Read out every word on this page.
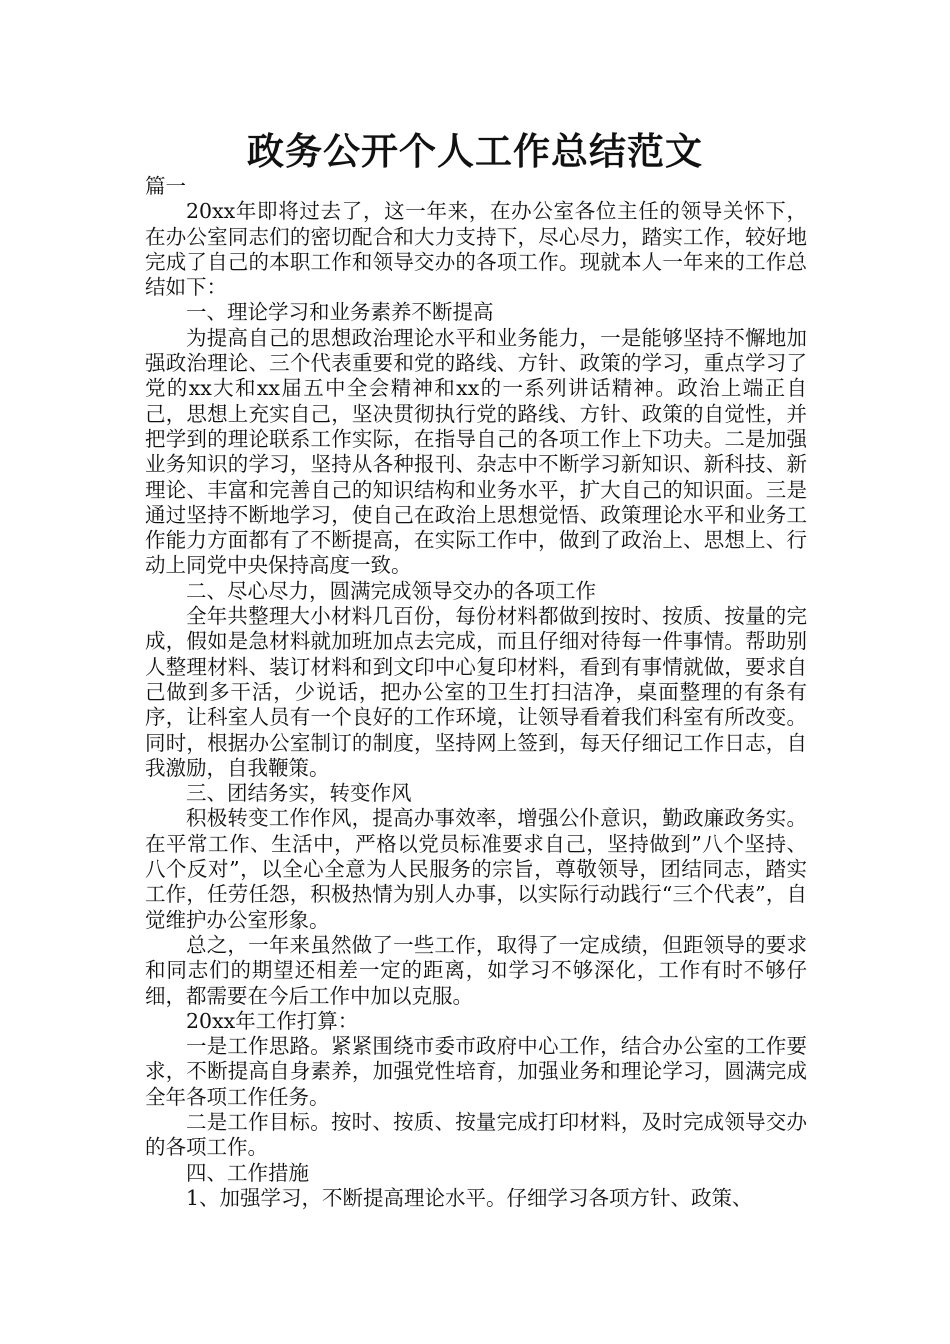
政务公开个人工作总结范文

篇一

20xx年即将过去了，这一年来，在办公室各位主任的领导关怀下，在办公室同志们的密切配合和大力支持下，尽心尽力，踏实工作，较好地完成了自己的本职工作和领导交办的各项工作。现就本人一年来的工作总结如下：

一、理论学习和业务素养不断提高

为提高自己的思想政治理论水平和业务能力，一是能够坚持不懈地加强政治理论、三个代表重要和党的路线、方针、政策的学习，重点学习了党的xx大和xx届五中全会精神和xx的一系列讲话精神。政治上端正自己，思想上充实自己，坚决贯彻执行党的路线、方针、政策的自觉性，并把学到的理论联系工作实际，在指导自己的各项工作上下功夫。二是加强业务知识的学习，坚持从各种报刊、杂志中不断学习新知识、新科技、新理论、丰富和完善自己的知识结构和业务水平，扩大自己的知识面。三是通过坚持不断地学习，使自己在政治上思想觉悟、政策理论水平和业务工作能力方面都有了不断提高，在实际工作中，做到了政治上、思想上、行动上同党中央保持高度一致。

二、尽心尽力，圆满完成领导交办的各项工作

全年共整理大小材料几百份，每份材料都做到按时、按质、按量的完成，假如是急材料就加班加点去完成，而且仔细对待每一件事情。帮助别人整理材料、装订材料和到文印中心复印材料，看到有事情就做，要求自己做到多干活，少说话，把办公室的卫生打扫洁净，桌面整理的有条有序，让科室人员有一个良好的工作环境，让领导看着我们科室有所改变。同时，根据办公室制订的制度，坚持网上签到，每天仔细记工作日志，自我激励，自我鞭策。

三、团结务实，转变作风

积极转变工作作风，提高办事效率，增强公仆意识，勤政廉政务实。在平常工作、生活中，严格以党员标准要求自己，坚持做到”八个坚持、八个反对”，以全心全意为人民服务的宗旨，尊敬领导，团结同志，踏实工作，任劳任怨，积极热情为别人办事，以实际行动践行“三个代表”，自觉维护办公室形象。

总之，一年来虽然做了一些工作，取得了一定成绩，但距领导的要求和同志们的期望还相差一定的距离，如学习不够深化，工作有时不够仔细，都需要在今后工作中加以克服。

20xx年工作打算：

一是工作思路。紧紧围绕市委市政府中心工作，结合办公室的工作要求，不断提高自身素养，加强党性培育，加强业务和理论学习，圆满完成全年各项工作任务。

二是工作目标。按时、按质、按量完成打印材料，及时完成领导交办的各项工作。

四、工作措施

1、加强学习，不断提高理论水平。仔细学习各项方针、政策、
